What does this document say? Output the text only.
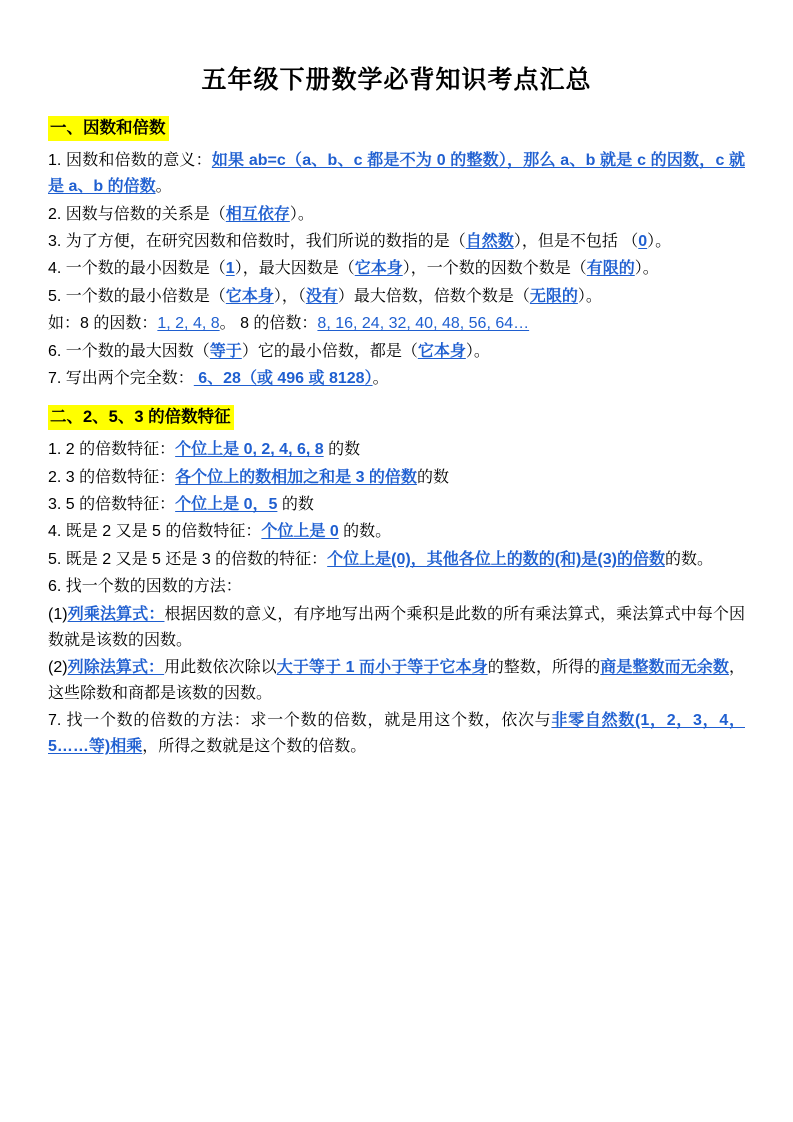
五年级下册数学必背知识考点汇总
一、因数和倍数
1. 因数和倍数的意义：如果 ab=c（a、b、c 都是不为 0 的整数），那么 a、b 就是 c 的因数，c 就是 a、b 的倍数。
2. 因数与倍数的关系是（相互依存）。
3. 为了方便，在研究因数和倍数时，我们所说的数指的是（自然数），但是不包括 （0）。
4. 一个数的最小因数是（1），最大因数是（它本身），一个数的因数个数是（有限的）。
5. 一个数的最小倍数是（它本身），（没有）最大倍数，倍数个数是（无限的）。
如：8 的因数：1, 2, 4, 8。 8 的倍数：8, 16, 24, 32, 40, 48, 56, 64…
6. 一个数的最大因数（等于）它的最小倍数，都是（它本身）。
7. 写出两个完全数： 6、28（或 496 或 8128）。
二、2、5、3 的倍数特征
1. 2 的倍数特征：个位上是 0, 2, 4, 6, 8 的数
2. 3 的倍数特征：各个位上的数相加之和是 3 的倍数的数
3. 5 的倍数特征：个位上是 0，5 的数
4. 既是 2 又是 5 的倍数特征：个位上是 0 的数。
5. 既是 2 又是 5 还是 3 的倍数的特征：个位上是(0)，其他各位上的数的(和)是(3)的倍数的数。
6. 找一个数的因数的方法：
(1)列乘法算式：根据因数的意义，有序地写出两个乘积是此数的所有乘法算式，乘法算式中每个因数就是该数的因数。
(2)列除法算式：用此数依次除以大于等于 1 而小于等于它本身的整数，所得的商是整数而无余数，这些除数和商都是该数的因数。
7. 找一个数的倍数的方法：求一个数的倍数，就是用这个数，依次与非零自然数(1，2，3，4，5……等)相乘，所得之数就是这个数的倍数。
